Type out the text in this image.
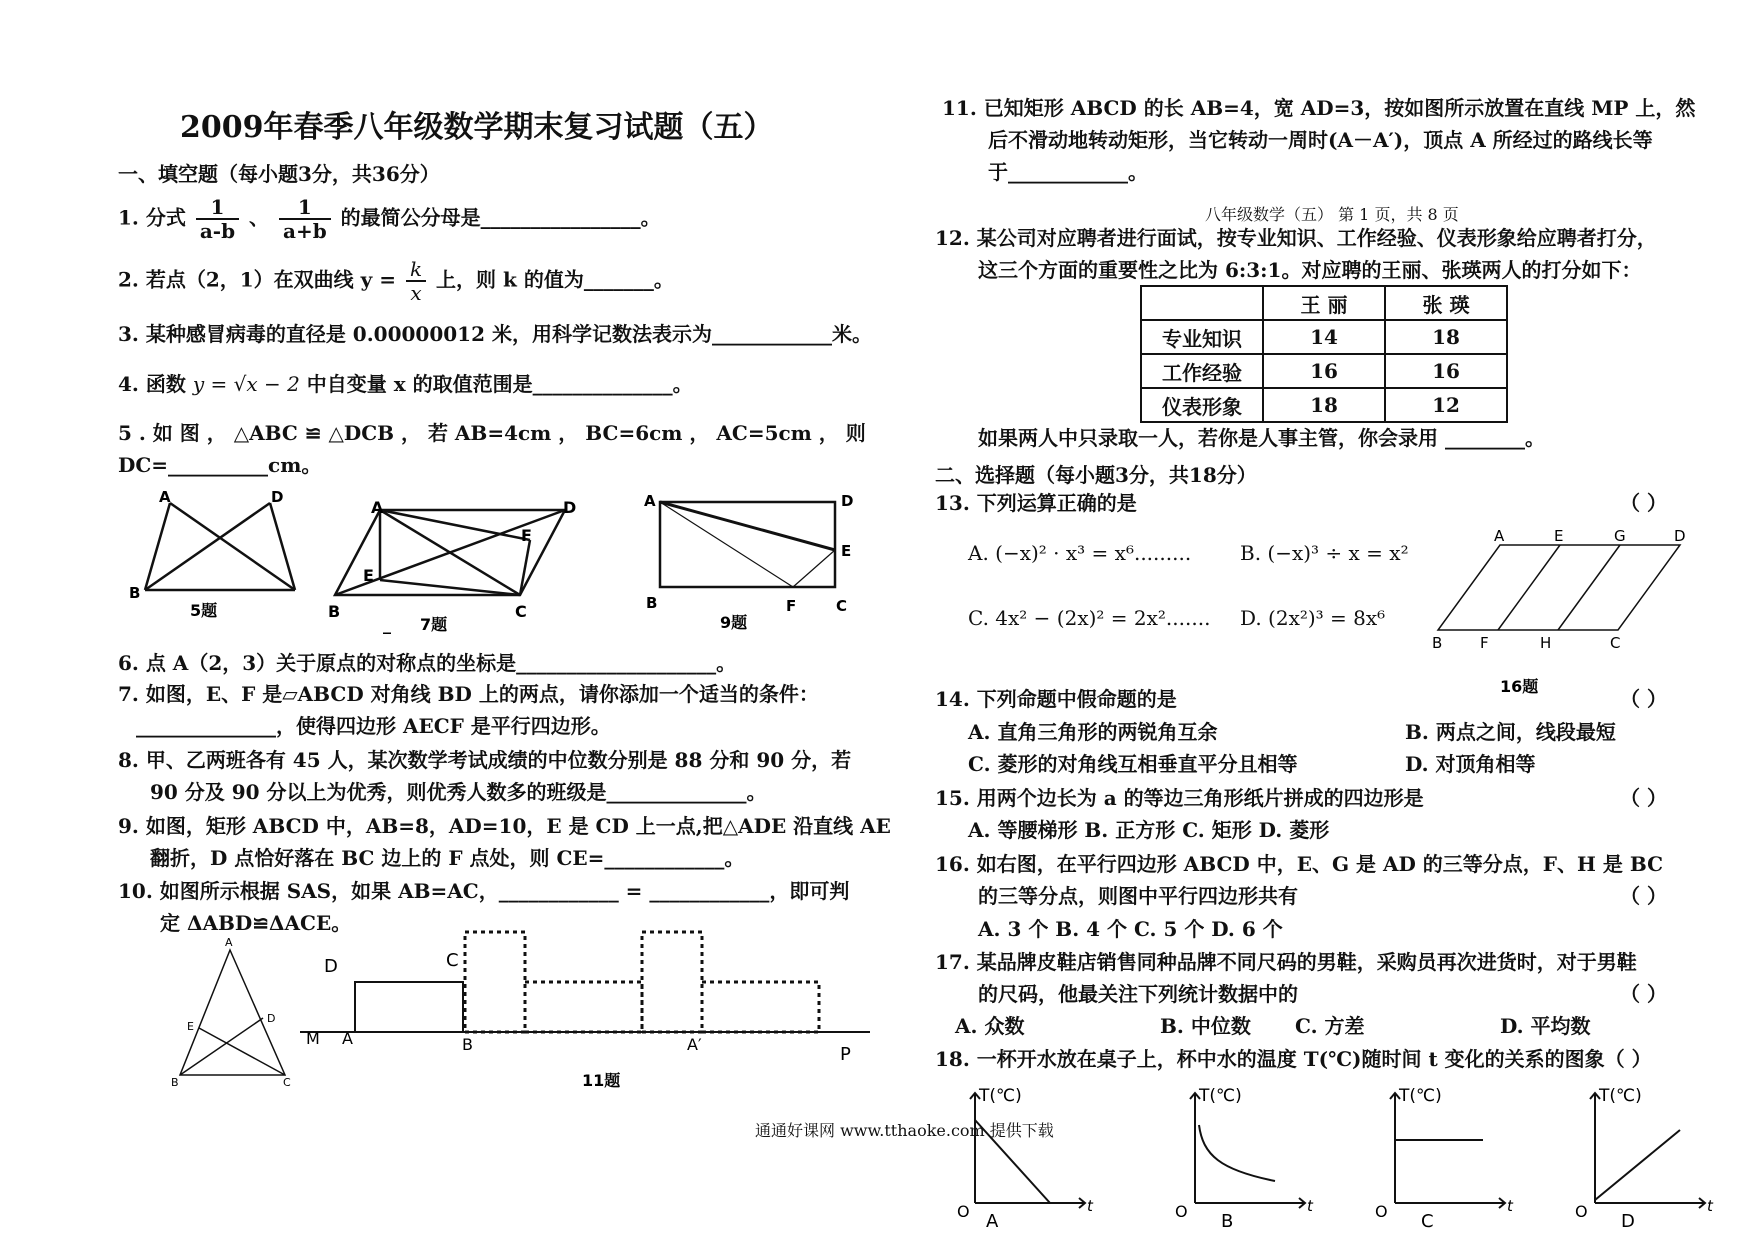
2009年春季八年级数学期末复习试题（五）
一、填空题（每小题3分，共36分）
1. 分式 $\frac{1}{a-b}$ 、 $\frac{1}{a+b}$ 的最简公分母是________________。
2. 若点（2，1）在双曲线 $y = \frac{k}{x}$ 上，则 k 的值为_______。
3. 某种感冒病毒的直径是 0.00000012 米，用科学记数法表示为____________米。
4. 函数 y = √x − 2 中自变量 x 的取值范围是______________。
5 . 如 图 ， △ABC ≌ △DCB ， 若 AB=4cm ， BC=6cm ， AC=5cm ， 则
DC=__________cm。
A	D
B
5题
A	D
F
E
B	C
_ 7题
A	D
E
B	F	C
9题
6. 点 A（2，3）关于原点的对称点的坐标是____________________。
7. 如图，E、F 是▱ABCD 对角线 BD 上的两点，请你添加一个适当的条件：
______________，使得四边形 AECF 是平行四边形。
8. 甲、乙两班各有 45 人，某次数学考试成绩的中位数分别是 88 分和 90 分，若
90 分及 90 分以上为优秀，则优秀人数多的班级是______________。
9. 如图，矩形 ABCD 中，AB=8，AD=10，E 是 CD 上一点,把△ADE 沿直线 AE
翻折，D 点恰好落在 BC 边上的 F 点处，则 CE=____________。
10. 如图所示根据 SAS，如果 AB=AC，____________ = ____________，即可判
定 ΔABD≌ΔACE。
A
E
D
B	C
D	C
M A	B	A′	P
11题
通通好课网 www.tthaoke.com 提供下载
11. 已知矩形 ABCD 的长 AB=4，宽 AD=3，按如图所示放置在直线 MP 上，然
后不滑动地转动矩形，当它转动一周时(A－A′)，顶点 A 所经过的路线长等
于____________。
八年级数学（五） 第 1 页，共 8 页
12. 某公司对应聘者进行面试，按专业知识、工作经验、仪表形象给应聘者打分，
这三个方面的重要性之比为 6:3:1。对应聘的王丽、张瑛两人的打分如下：
	王 丽	张 瑛
专业知识	14	18
工作经验	16	16
仪表形象	18	12
如果两人中只录取一人，若你是人事主管，你会录用 ________。
二、选择题（每小题3分，共18分）
13. 下列运算正确的是	（ ）
A. (−x)² · x³ = x⁶......... B. (−x)³ ÷ x = x²
C. 4x² − (2x)² = 2x²....... D. (2x²)³ = 8x⁶
A	E	G	D
B	F	H	C
16题
14. 下列命题中假命题的是	（ ）
A. 直角三角形的两锐角互余	B. 两点之间，线段最短
C. 菱形的对角线互相垂直平分且相等	D. 对顶角相等
15. 用两个边长为 a 的等边三角形纸片拼成的四边形是	（ ）
A. 等腰梯形 B. 正方形 C. 矩形 D. 菱形
16. 如右图，在平行四边形 ABCD 中，E、G 是 AD 的三等分点，F、H 是 BC
的三等分点，则图中平行四边形共有	（ ）
A. 3 个 B. 4 个 C. 5 个 D. 6 个
17. 某品牌皮鞋店销售同种品牌不同尺码的男鞋，采购员再次进货时，对于男鞋
的尺码，他最关注下列统计数据中的	（ ）
A. 众数	B. 中位数 C. 方差	D. 平均数
18. 一杯开水放在桌子上，杯中水的温度 T(℃)随时间 t 变化的关系的图象（ ）
T(℃)
t
O A
T(℃)
t
O B
T(℃)
t
O C
T(℃)
t
O D
